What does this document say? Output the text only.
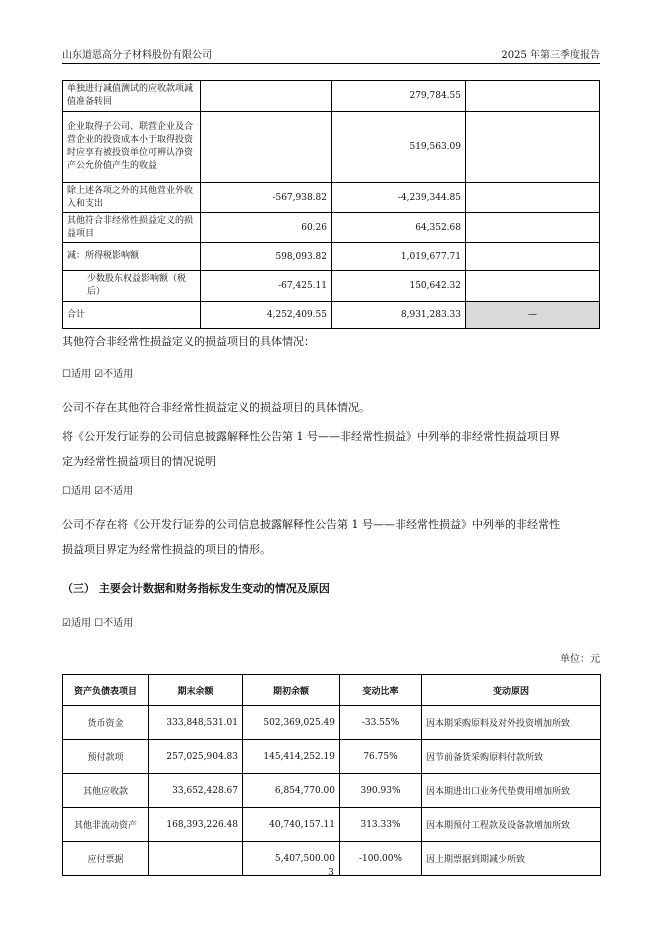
山东道恩高分子材料股份有限公司	2025 年第三季度报告
单独进行减值测试的应收款项减值准备转回		279,784.55	
企业取得子公司、联营企业及合营企业的投资成本小于取得投资时应享有被投资单位可辨认净资产公允价值产生的收益		519,563.09	
除上述各项之外的其他营业外收入和支出	-567,938.82	-4,239,344.85	
其他符合非经常性损益定义的损益项目	60.26	64,352.68	
减：所得税影响额	598,093.82	1,019,677.71	
少数股东权益影响额（税后）	-67,425.11	150,642.32	
合计	4,252,409.55	8,931,283.33	—
其他符合非经常性损益定义的损益项目的具体情况：
☐适用 ☑不适用
公司不存在其他符合非经常性损益定义的损益项目的具体情况。
将《公开发行证券的公司信息披露解释性公告第 1 号——非经常性损益》中列举的非经常性损益项目界
定为经常性损益项目的情况说明
☐适用 ☑不适用
公司不存在将《公开发行证券的公司信息披露解释性公告第 1 号——非经常性损益》中列举的非经常性
损益项目界定为经常性损益的项目的情形。
（三） 主要会计数据和财务指标发生变动的情况及原因
☑适用 ☐不适用
单位：元
资产负债表项目	期末余额	期初余额	变动比率	变动原因
货币资金	333,848,531.01	502,369,025.49	-33.55%	因本期采购原料及对外投资增加所致
预付款项	257,025,904.83	145,414,252.19	76.75%	因节前备货采购原料付款所致
其他应收款	33,652,428.67	6,854,770.00	390.93%	因本期进出口业务代垫费用增加所致
其他非流动资产	168,393,226.48	40,740,157.11	313.33%	因本期预付工程款及设备款增加所致
应付票据		5,407,500.00	-100.00%	因上期票据到期减少所致
3
